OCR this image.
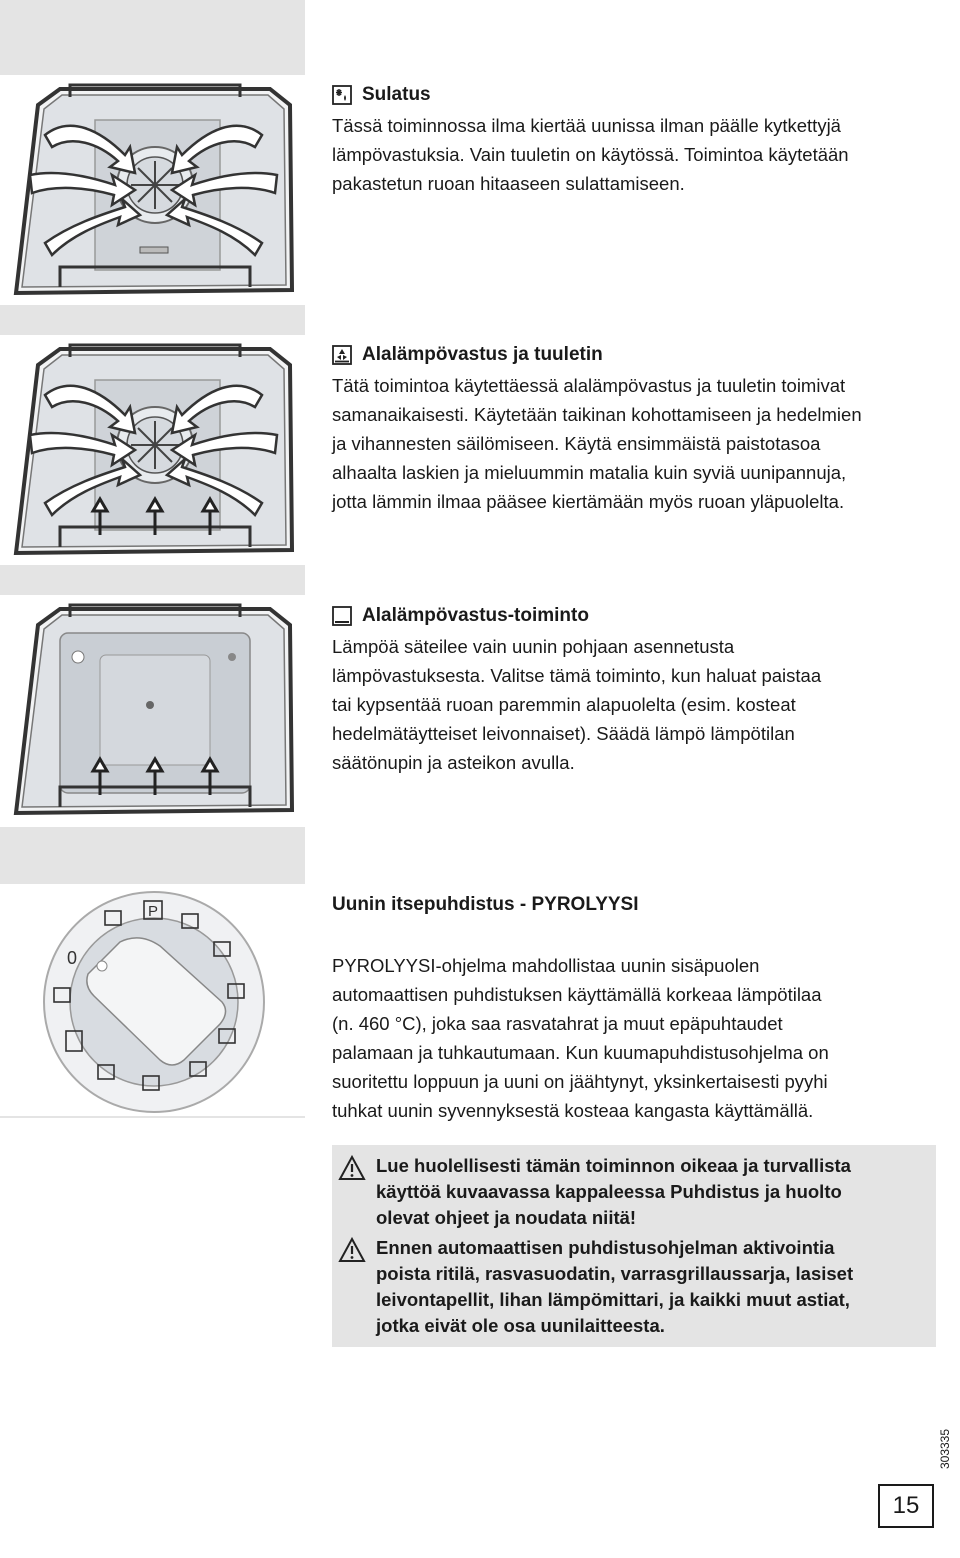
P
0
Sulatus
Tässä toiminnossa ilma kiertää uunissa ilman päälle kytkettyjä
lämpövastuksia. Vain tuuletin on käytössä. Toimintoa käytetään
pakastetun ruoan hitaaseen sulattamiseen.
Alalämpövastus ja tuuletin
Tätä toimintoa käytettäessä alalämpövastus ja tuuletin toimivat
samanaikaisesti. Käytetään taikinan kohottamiseen ja hedelmien
ja vihannesten säilömiseen. Käytä ensimmäistä paistotasoa
alhaalta laskien ja mieluummin matalia kuin syviä uunipannuja,
jotta lämmin ilmaa pääsee kiertämään myös ruoan yläpuolelta.
Alalämpövastus-toiminto
Lämpöä säteilee vain uunin pohjaan asennetusta
lämpövastuksesta. Valitse tämä toiminto, kun haluat paistaa
tai kypsentää ruoan paremmin alapuolelta (esim. kosteat
hedelmätäytteiset leivonnaiset). Säädä lämpö lämpötilan
säätönupin ja asteikon avulla.
Uunin itsepuhdistus - PYROLYYSI
PYROLYYSI-ohjelma mahdollistaa uunin sisäpuolen
automaattisen puhdistuksen käyttämällä korkeaa lämpötilaa
(n. 460 °C), joka saa rasvatahrat ja muut epäpuhtaudet
palamaan ja tuhkautumaan. Kun kuumapuhdistusohjelma on
suoritettu loppuun ja uuni on jäähtynyt, yksinkertaisesti pyyhi
tuhkat uunin syvennyksestä kosteaa kangasta käyttämällä.
Lue huolellisesti tämän toiminnon oikeaa ja turvallista
käyttöä kuvaavassa kappaleessa Puhdistus ja huolto
olevat ohjeet ja noudata niitä!
Ennen automaattisen puhdistusohjelman aktivointia
poista ritilä, rasvasuodatin, varrasgrillaussarja, lasiset
leivontapellit, lihan lämpömittari, ja kaikki muut astiat,
jotka eivät ole osa uunilaitteesta.
303335
15
